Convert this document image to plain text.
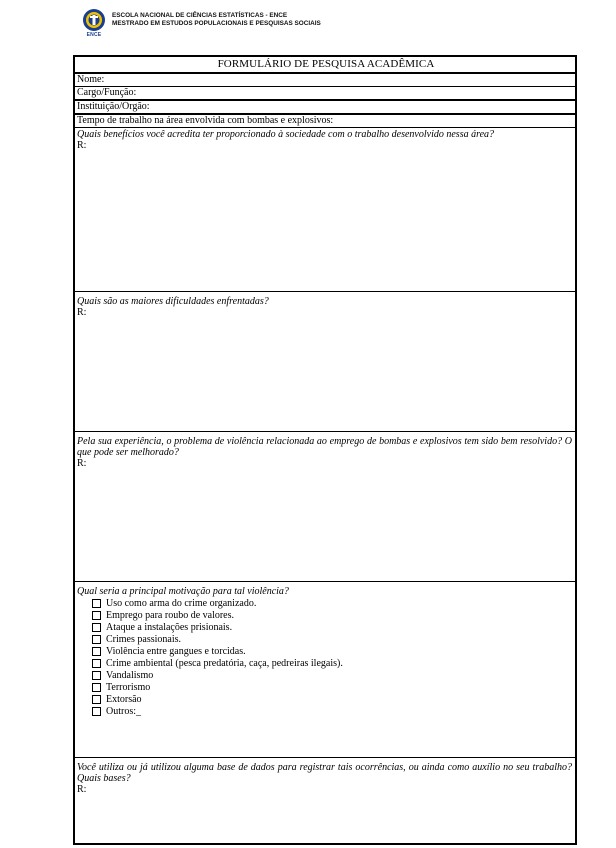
ENCE
ESCOLA NACIONAL DE CIÊNCIAS ESTATÍSTICAS - ENCE
MESTRADO EM ESTUDOS POPULACIONAIS E PESQUISAS SOCIAIS
FORMULÁRIO DE PESQUISA ACADÊMICA
Nome:
Cargo/Função:
Instituição/Órgão:
Tempo de trabalho na área envolvida com bombas e explosivos:
Quais benefícios você acredita ter proporcionado à sociedade com o trabalho desenvolvido nessa área?
R:
Quais são as maiores dificuldades enfrentadas?
R:
Pela sua experiência, o problema de violência relacionada ao emprego de bombas e explosivos tem sido bem resolvido? O que pode ser melhorado?
R:
Qual seria a principal motivação para tal violência?
Uso como arma do crime organizado.
Emprego para roubo de valores.
Ataque a instalações prisionais.
Crimes passionais.
Violência entre gangues e torcidas.
Crime ambiental (pesca predatória, caça, pedreiras ilegais).
Vandalismo
Terrorismo
Extorsão
Outros:_
Você utiliza ou já utilizou alguma base de dados para registrar tais ocorrências, ou ainda como auxílio no seu trabalho? Quais bases?
R:
